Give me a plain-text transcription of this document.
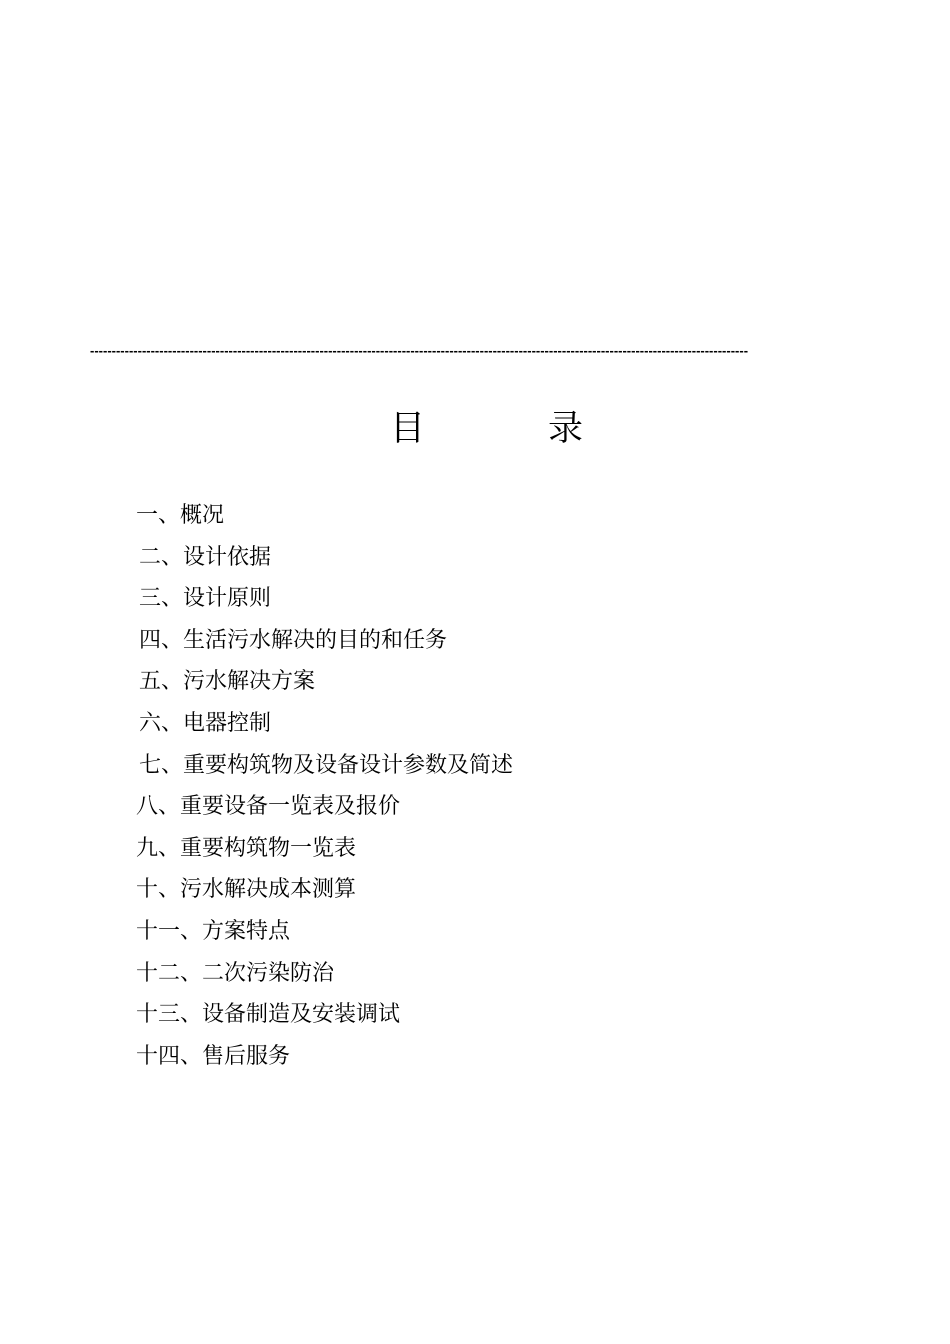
--------------------------------------------------------------------------------------------------------------------------------------------------------
目	录
一、概况
二、设计依据
三、设计原则
四、生活污水解决的目的和任务
五、污水解决方案
六、电器控制
七、重要构筑物及设备设计参数及简述
八、重要设备一览表及报价
九、重要构筑物一览表
十、污水解决成本测算
十一、方案特点
十二、二次污染防治
十三、设备制造及安装调试
十四、售后服务
